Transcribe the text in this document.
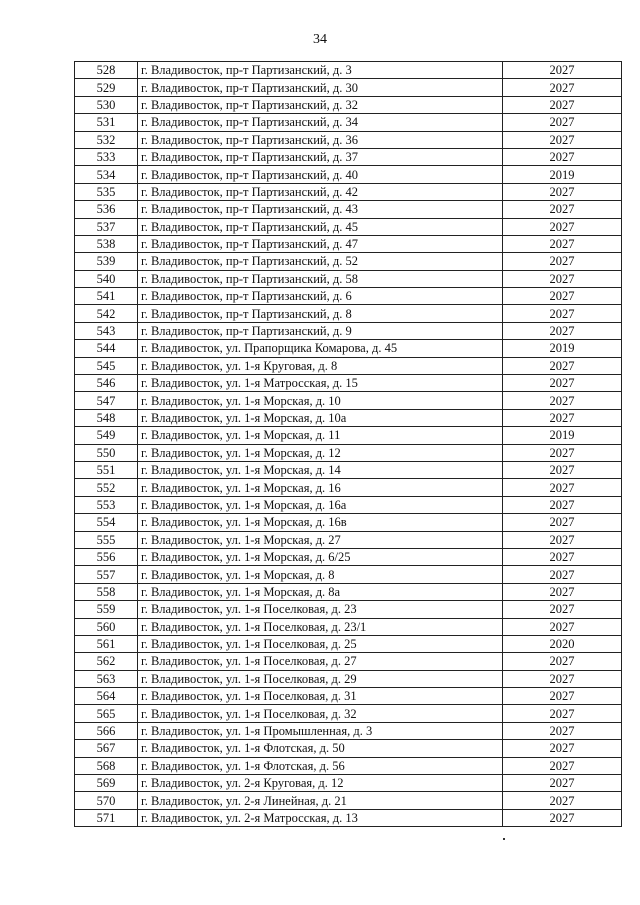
34
528	г. Владивосток, пр-т Партизанский, д. 3	2027
529	г. Владивосток, пр-т Партизанский, д. 30	2027
530	г. Владивосток, пр-т Партизанский, д. 32	2027
531	г. Владивосток, пр-т Партизанский, д. 34	2027
532	г. Владивосток, пр-т Партизанский, д. 36	2027
533	г. Владивосток, пр-т Партизанский, д. 37	2027
534	г. Владивосток, пр-т Партизанский, д. 40	2019
535	г. Владивосток, пр-т Партизанский, д. 42	2027
536	г. Владивосток, пр-т Партизанский, д. 43	2027
537	г. Владивосток, пр-т Партизанский, д. 45	2027
538	г. Владивосток, пр-т Партизанский, д. 47	2027
539	г. Владивосток, пр-т Партизанский, д. 52	2027
540	г. Владивосток, пр-т Партизанский, д. 58	2027
541	г. Владивосток, пр-т Партизанский, д. 6	2027
542	г. Владивосток, пр-т Партизанский, д. 8	2027
543	г. Владивосток, пр-т Партизанский, д. 9	2027
544	г. Владивосток, ул. Прапорщика Комарова, д. 45	2019
545	г. Владивосток, ул. 1-я Круговая, д. 8	2027
546	г. Владивосток, ул. 1-я Матросская, д. 15	2027
547	г. Владивосток, ул. 1-я Морская, д. 10	2027
548	г. Владивосток, ул. 1-я Морская, д. 10а	2027
549	г. Владивосток, ул. 1-я Морская, д. 11	2019
550	г. Владивосток, ул. 1-я Морская, д. 12	2027
551	г. Владивосток, ул. 1-я Морская, д. 14	2027
552	г. Владивосток, ул. 1-я Морская, д. 16	2027
553	г. Владивосток, ул. 1-я Морская, д. 16а	2027
554	г. Владивосток, ул. 1-я Морская, д. 16в	2027
555	г. Владивосток, ул. 1-я Морская, д. 27	2027
556	г. Владивосток, ул. 1-я Морская, д. 6/25	2027
557	г. Владивосток, ул. 1-я Морская, д. 8	2027
558	г. Владивосток, ул. 1-я Морская, д. 8а	2027
559	г. Владивосток, ул. 1-я Поселковая, д. 23	2027
560	г. Владивосток, ул. 1-я Поселковая, д. 23/1	2027
561	г. Владивосток, ул. 1-я Поселковая, д. 25	2020
562	г. Владивосток, ул. 1-я Поселковая, д. 27	2027
563	г. Владивосток, ул. 1-я Поселковая, д. 29	2027
564	г. Владивосток, ул. 1-я Поселковая, д. 31	2027
565	г. Владивосток, ул. 1-я Поселковая, д. 32	2027
566	г. Владивосток, ул. 1-я Промышленная, д. 3	2027
567	г. Владивосток, ул. 1-я Флотская, д. 50	2027
568	г. Владивосток, ул. 1-я Флотская, д. 56	2027
569	г. Владивосток, ул. 2-я Круговая, д. 12	2027
570	г. Владивосток, ул. 2-я Линейная, д. 21	2027
571	г. Владивосток, ул. 2-я Матросская, д. 13	2027
